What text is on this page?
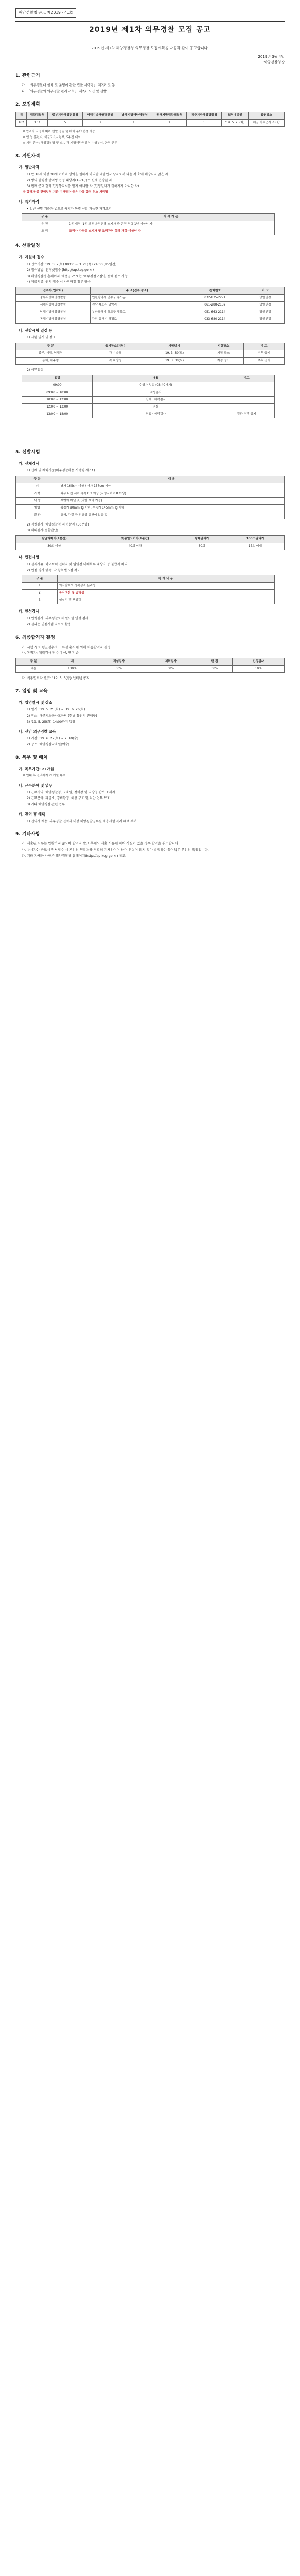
해양경찰청 공고 제2019 - 41호
2019년 제1차 의무경찰 모집 공고
2019년 제1차 해양경찰청 의무경찰 모집계획을 다음과 같이 공고합니다.
2019년 3월 4일
해양경찰청장
1. 관련근거
가. 「의무경찰대 설치 및 운영에 관한 법률 시행령」 제2조 및 동
나. 「의무경찰의 의무경찰 관리 규칙」 제2조 모집 및 선발
2. 모집계획
계	해양경찰청	중부지방해양경찰청	서해지방해양경찰청	남해지방해양경찰청	동해지방해양경찰청	제주지방해양경찰청	입영예정일	입영장소
162	137	5	3	15	1	1	'19. 5. 25(화)	해군 기초군사교육단
※ 합격자 사정에 따라 선발 정원 및 배치 분야 변경 가능
※ 입 영 훈련지, 해군교육사령부, 5주간 내외
※ 지원 분야: 해양경찰청 및 소속 각 지방해양경찰청 수행부서, 함정 근무
3. 지원자격
가. 일반자격
1) 만 18세 이상 28세 이하의 병역을 필하지 아니한 대한민국 남자로서 다음 각 호에 해당되지 않은 자.
2) 병역 법령상 현역병 입영 대상자(1~3급)로 신체 건강한 자
3) 현재 군대 현역 입영통지서를 받지 아니한 자 (입영일자가 정해지지 아니한 자)
※ 합격자 중 현역입영 기준 미해당자 등은 자동 합격 취소 처리됨
나. 특기자격
• 일반 선발 기준과 별도로 특기자 특별 선발 가능한 자격요건
구 분	자 격 기 준
운 전	1종 대형, 1종 보통 운전면허 소지자 중 운전 경력 1년 이상인 자
조 리	조리사 자격증 소지자 및 조리관련 학과 재학 이상인 자
4. 선발일정
가. 지원서 접수
1) 접수기간: '19. 3. 7(목) 09:00 ~ 3. 21(목) 24:00 (15일간)
2) 접수방법: 인터넷접수 (http://ap.kcg.go.kr)
3) 해양경찰청 홈페이지 '채용공고' 또는 '의무경찰모집'을 통해 접수 가능
4) 제출서류: 원서 접수 시 사진파일 첨부 필수
접수처(연락처)	주 소(접수 장소)	전화번호	비 고
중부지방해양경찰청	인천광역시 연수구 송도동	032-835-2271	당일인정
서해지방해양경찰청	전남 목포시 남악리	061-288-2132	당일인정
남해지방해양경찰청	부산광역시 영도구 해양로	051-663-2114	당일인정
동해지방해양경찰청	강원 동해시 하평로	033-680-2114	당일인정
나. 선발시험 일정 등
1) 시험 일시 및 장소
구 분	응시장소(지역)	시험일시	시험장소	비 고
중부, 서해, 남해청	각 지방청	'19. 3. 30(토)	지정 장소	추후 공지
동해, 제주청	각 지방청	'19. 3. 30(토)	지정 장소	추후 공지
2) 세부일정
일정	내용	비고
09:00	수험자 입실 (08:40까지)	
09:00 ~ 10:00	적성검사	
10:00 ~ 12:00	신체 · 체력검사	
12:00 ~ 13:00	점심	
13:00 ~ 18:00	면접 · 심리검사	결과 추후 공지
5. 선발시험
가. 신체검사
1) 신체 및 체력기준(의무경찰채용 시행령 제7조)
구 분	내 용
키	남자 165cm 이상 / 여자 157cm 이상
시력	좌우 나안 시력 각각 0.2 이상 (교정시력 0.8 이상)
색 맹	색맹이 아닐 것 (약한 색약 가능)
혈압	확장기 90mmHg 이하, 수축기 145mmHg 이하
질 환	결핵, 간질 등 전염성 질환이 없을 것
2) 적성검사: 해양경찰청 지정 문제 (50문항)
3) 체력검사(종합판단)
팔굽혀펴기(1분간)	윗몸일으키기(1분간)	왕복달리기	100m달리기
30회 이상	40회 이상	30회	17초 이내
나. 면접시험
1) 결격사유: 학교폭력 전력자 및 입영전 대체복무 대상자 등 불합격 처리
2) 면접 평가 항목: 각 항목별 5점 척도
구 분	평 가 내 용
1	의사발표의 정확성과 논리성
2	봉사정신 및 공익성
3	성실성 및 책임감
다. 인성검사
1) 인성검사: 의무경찰로서 필요한 인성 검사
2) 결과는 면접시험 자료로 활용
6. 최종합격자 결정
가. 시험 성적 평균점수의 고득점 순서에 의해 최종합격자 결정
나. 동점자: 체력검사 점수 우선, 연령 순
구 분	계	적성검사	체력검사	면 접	인성검사
배점	100%	30%	30%	30%	10%
다. 최종합격자 발표: '19. 5. 3(금) 인터넷 공지
7. 입영 및 교육
가. 입영일시 및 장소
1) 일시: '19. 5. 25(화) ~ '19. 6. 26(화)
2) 장소: 해군기초군사교육단 (경남 창원시 진해구)
3) '19. 5. 25(화) 14:00까지 입영
나. 신임 의무경찰 교육
1) 기간: '19. 6. 27(목) ~ 7. 10(수)
2) 장소: 해양경찰교육원(여수)
8. 복무 및 배치
가. 복무기간: 21개월
※ 입대 후 전역까지 21개월 복무
나. 근무분야 및 업무
1) 근무지역: 해양경찰청, 교육원, 정비창 및 지방청 관서 소재지
2) 근무분야: 파출소, 경비함정, 해상 구조 및 치안 업무 보조
3) 기타 해양경찰 관련 업무
다. 전역 후 혜택
1) 전역자 채용: 의무경찰 전역자 대상 해양경찰공무원 채용시험 특례 혜택 부여
9. 기타사항
가. 제출된 서류는 반환하지 않으며 합격자 발표 후에도 제출 서류에 허위 사실이 있을 경우 합격을 취소합니다.
나. 응시자는 반드시 원서접수 시 본인의 연락처를 정확히 기재하여야 하며 연락이 되지 않아 발생하는 불이익은 본인의 책임입니다.
다. 기타 자세한 사항은 해양경찰청 홈페이지(http://ap.kcg.go.kr) 참조
